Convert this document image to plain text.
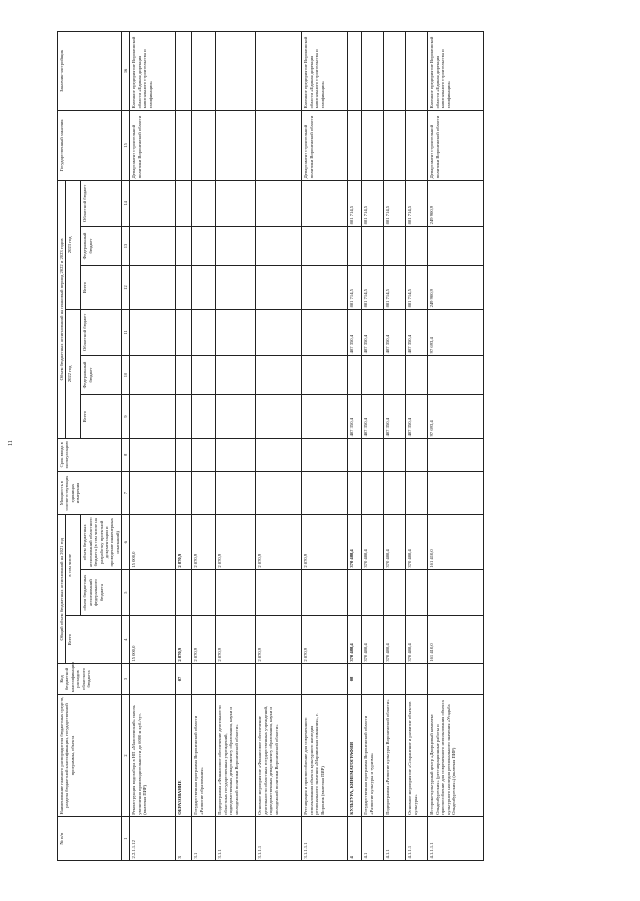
11
№ п/п	Наименование главного распорядителя бюджетных средств, раздела бюджетной классификации, государственной программы, объекта	Код бюджетной классификации расходов областного бюджета	Общий объем бюджетных ассигнований на 2021 год			Мощность в соответствующих единицах измерения	Срок ввода в эксплуатацию	Объем бюджетных ассигнований на плановый период 2022 и 2023 годов						Государственный заказчик	Заказчик-застройщик
			Всего	в том числе				2022 год			2023 год				
				объем бюджетных ассигнований федерального бюджета	объем бюджетных ассигнований областного бюджета (в том числе на разработку проектной документации и проведение инженерных изысканий)			Всего	Федеральный бюджет	Областной бюджет	Всего	Федеральный бюджет	Областной бюджет		

1	2	3	4	5	6	7	8	9	10	11	12	13	14	15	16
2.2.1.1.12	Реконструкция водозабора в НП «Малоземский» сквозь увеличения производительности до 6000 м куб./сут. (включая ПИР)		15 000,0		15 000,0									Департамент строительной политики Воронежской области	Казенное предприятие Воронежской области «Единая дирекция капитального строительства и газификации»
3	ОБРАЗОВАНИЕ	07	2 870,9		2 870,9										
3.1	Государственная программа Воронежской области «Развитие образования»		2 870,9		2 870,9										
3.1.1	Подпрограмма «Финансовое обеспечение деятельности областных государственных учреждений, подведомственных департаменту образования, науки и молодежной политики Воронежской области»		2 870,9		2 870,9										
3.1.1.1	Основное мероприятие «Финансовое обеспечение деятельности областных государственных учреждений, подведомственных департаменту образования, науки и молодежной политики Воронежской области»		2 870,9		2 870,9										
3.1.1.1.1	Реставрация и приспособление для современного использования объекта культурного наследия регионального значения «Мариинская гимназия», г. Воронеж (включая ПИР)		2 870,9		2 870,9									Департамент строительной политики Воронежской области	Казенное предприятие Воронежской области «Единая дирекция капитального строительства и газификации»
4	КУЛЬТУРА, КИНЕМАТОГРАФИЯ	08	370 488,4		370 488,4			487 350,4		487 350,4	881 714,5		881 714,5		
4.1	Государственная программа Воронежской области «Развитие культуры и туризма»		370 488,4		370 488,4			487 350,4		487 350,4	881 714,5		881 714,5		
4.1.1	Подпрограмма «Развитие культуры Воронежской области»		370 488,4		370 488,4			487 350,4		487 350,4	881 714,5		881 714,5		
4.1.1.1	Основное мероприятие «Сохранение и развитие объектов культуры»		370 488,4		370 488,4			487 350,4		487 350,4	881 714,5		881 714,5		
4.1.1.1.1	Историко-культурный центр «Дворцовый комплекс Ольденбургских» (реставрационные работы и приспособление для современного использования объекта культурного наследия регионального значения «Усадьба Ольденбургских») (включая ПИР)		161 410,0		161 410,0			97 693,4		97 693,4	249 900,9		249 900,9	Департамент строительной политики Воронежской области	Казенное предприятие Воронежской области «Единая дирекция капитального строительства и газификации»
